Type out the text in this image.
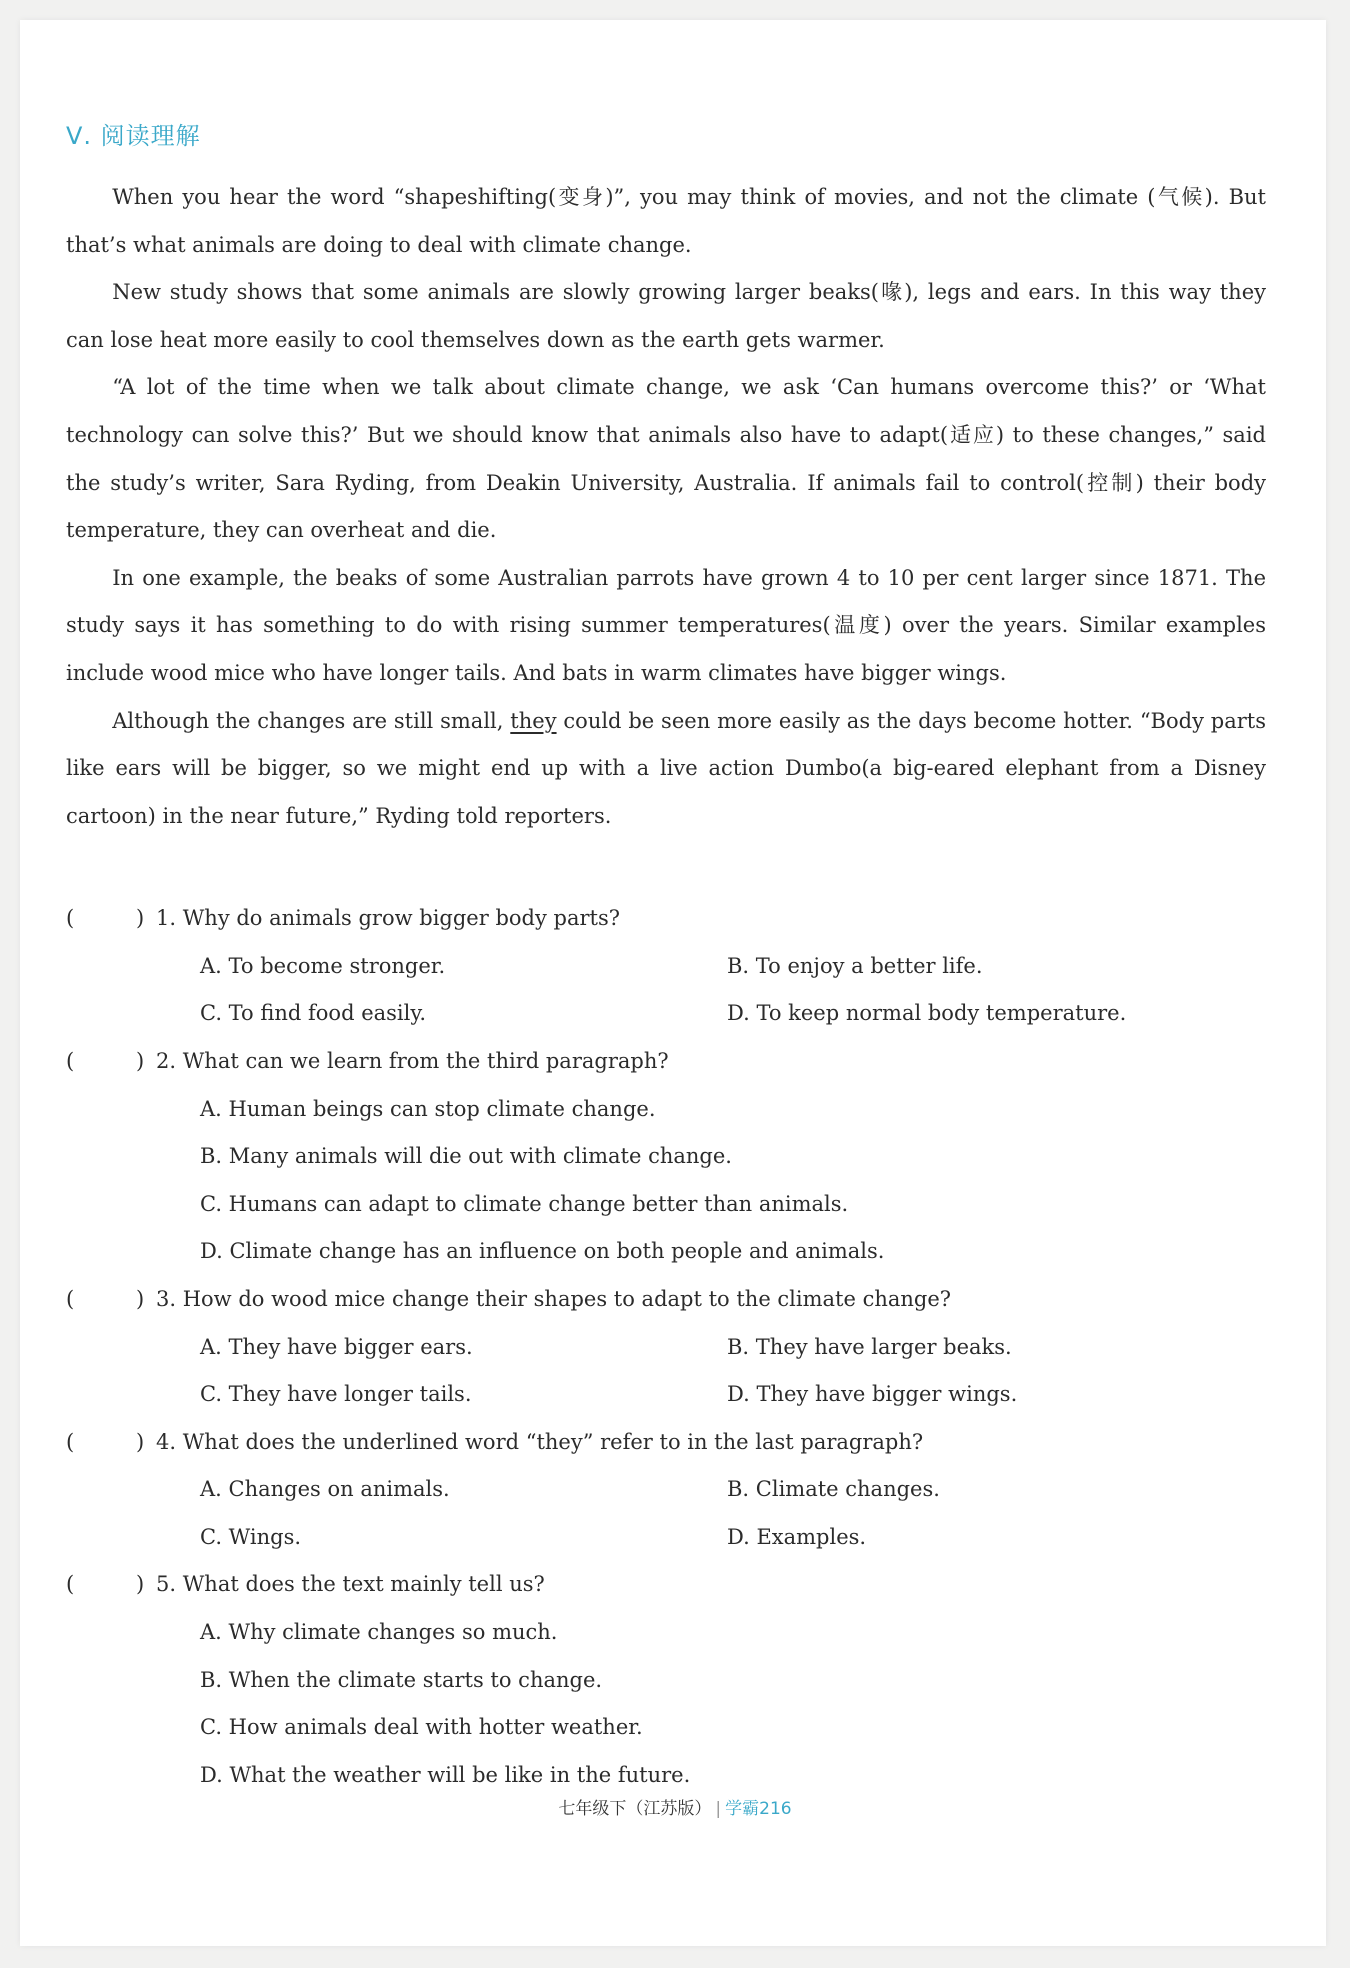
Ⅴ. 阅读理解

When you hear the word “shapeshifting(变身)”, you may think of movies, and not the climate (气候). But that’s what animals are doing to deal with climate change.

New study shows that some animals are slowly growing larger beaks(喙), legs and ears. In this way they can lose heat more easily to cool themselves down as the earth gets warmer.

“A lot of the time when we talk about climate change, we ask ‘Can humans overcome this?’ or ‘What technology can solve this?’ But we should know that animals also have to adapt(适应) to these changes,” said the study’s writer, Sara Ryding, from Deakin University, Australia. If animals fail to control(控制) their body temperature, they can overheat and die.

In one example, the beaks of some Australian parrots have grown 4 to 10 per cent larger since 1871. The study says it has something to do with rising summer temperatures(温度) over the years. Similar examples include wood mice who have longer tails. And bats in warm climates have bigger wings.

Although the changes are still small, they could be seen more easily as the days become hotter. “Body parts like ears will be bigger, so we might end up with a live action Dumbo(a big-eared elephant from a Disney cartoon) in the near future,” Ryding told reporters.

(	) 1. Why do animals grow bigger body parts?
A. To become stronger.	B. To enjoy a better life.
C. To find food easily.	D. To keep normal body temperature.
(	) 2. What can we learn from the third paragraph?
A. Human beings can stop climate change.
B. Many animals will die out with climate change.
C. Humans can adapt to climate change better than animals.
D. Climate change has an influence on both people and animals.
(	) 3. How do wood mice change their shapes to adapt to the climate change?
A. They have bigger ears.	B. They have larger beaks.
C. They have longer tails.	D. They have bigger wings.
(	) 4. What does the underlined word “they” refer to in the last paragraph?
A. Changes on animals.	B. Climate changes.
C. Wings.	D. Examples.
(	) 5. What does the text mainly tell us?
A. Why climate changes so much.
B. When the climate starts to change.
C. How animals deal with hotter weather.
D. What the weather will be like in the future.
七年级下（江苏版） | 学霸216
